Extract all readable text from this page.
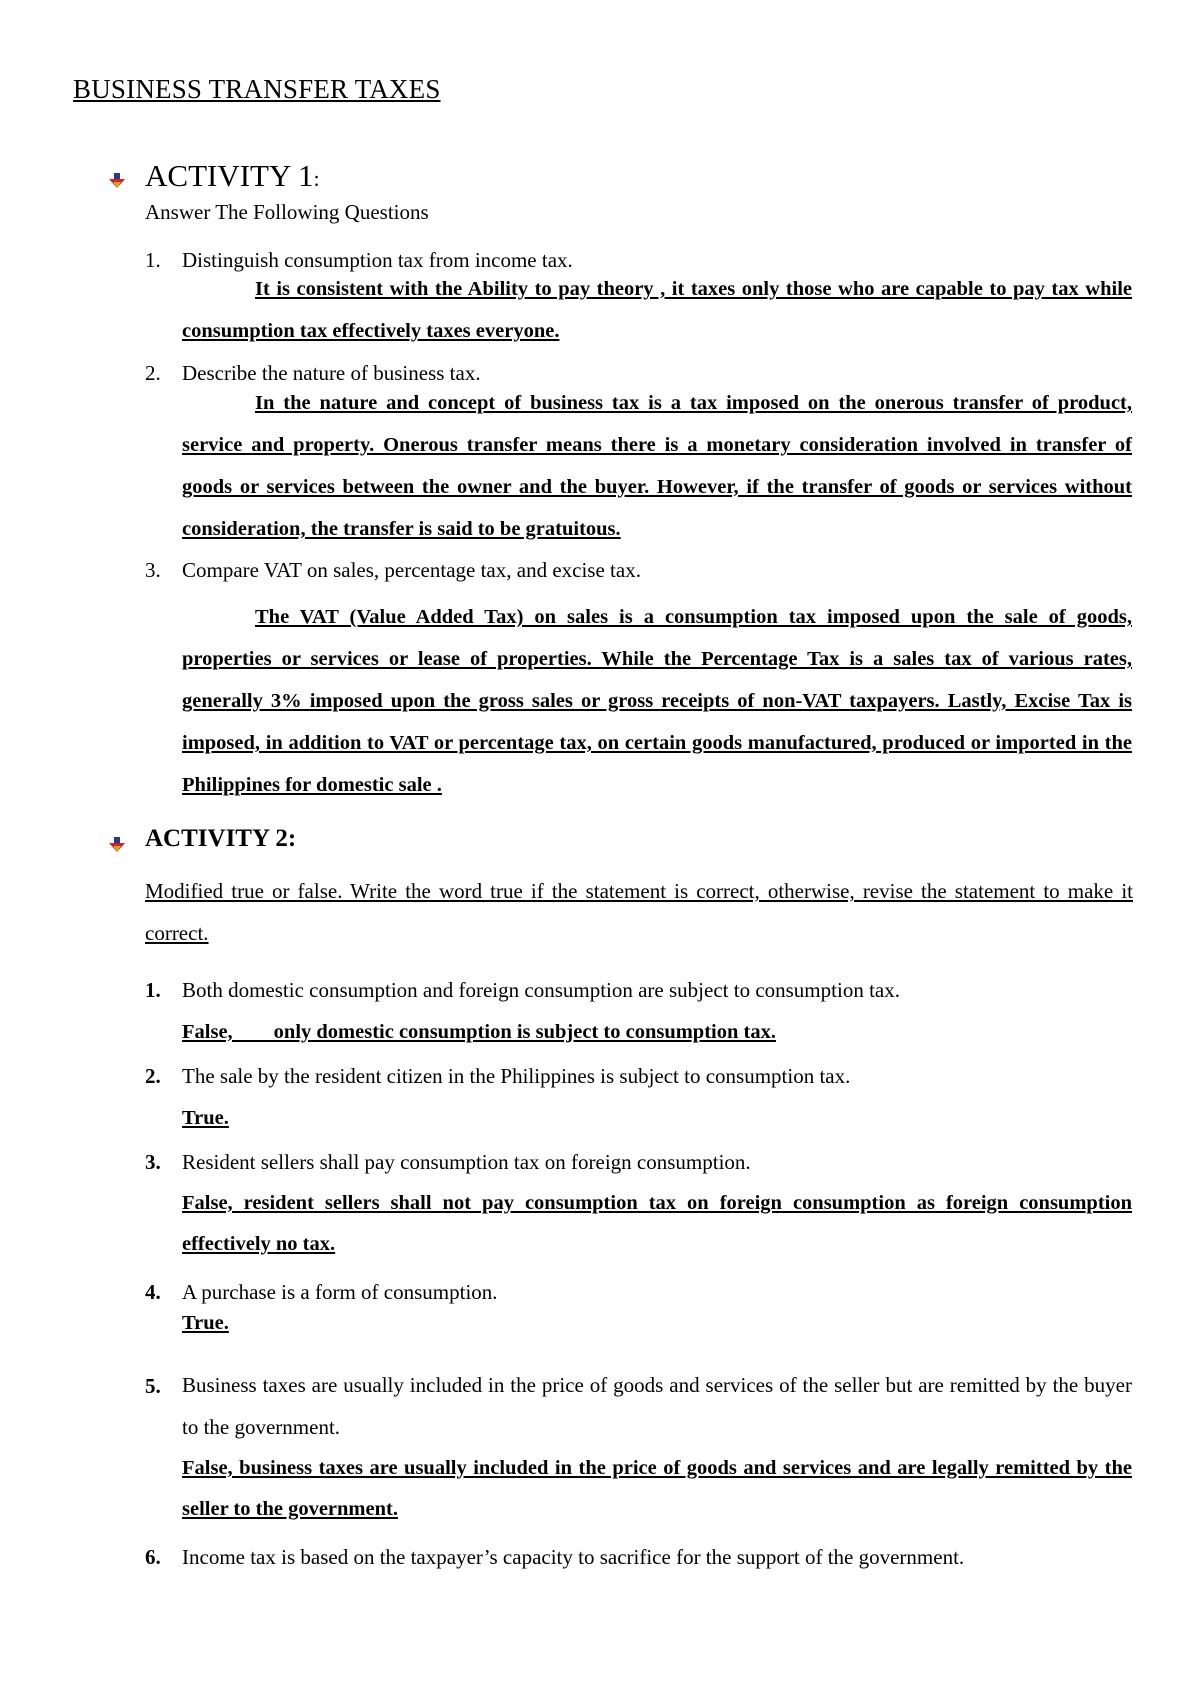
BUSINESS TRANSFER TAXES
ACTIVITY 1:
Answer The Following Questions
1. Distinguish consumption tax from income tax.
It is consistent with the Ability to pay theory , it taxes only those who are capable to pay tax while consumption tax effectively taxes everyone.
2. Describe the nature of business tax.
In the nature and concept of business tax is a tax imposed on the onerous transfer of product, service and property. Onerous transfer means there is a monetary consideration involved in transfer of goods or services between the owner and the buyer. However, if the transfer of goods or services without consideration, the transfer is said to be gratuitous.
3. Compare VAT on sales, percentage tax, and excise tax.
The VAT (Value Added Tax) on sales is a consumption tax imposed upon the sale of goods, properties or services or lease of properties. While the Percentage Tax is a sales tax of various rates, generally 3% imposed upon the gross sales or gross receipts of non-VAT taxpayers. Lastly, Excise Tax is imposed, in addition to VAT or percentage tax, on certain goods manufactured, produced or imported in the Philippines for domestic sale .
ACTIVITY 2:
Modified true or false. Write the word true if the statement is correct, otherwise, revise the statement to make it correct.
1. Both domestic consumption and foreign consumption are subject to consumption tax.
False,        only domestic consumption is subject to consumption tax.
2. The sale by the resident citizen in the Philippines is subject to consumption tax.
True.
3. Resident sellers shall pay consumption tax on foreign consumption.
False, resident sellers shall not pay consumption tax on foreign consumption as foreign consumption effectively no tax.
4. A purchase is a form of consumption.
True.
5. Business taxes are usually included in the price of goods and services of the seller but are remitted by the buyer to the government.
False, business taxes are usually included in the price of goods and services and are legally remitted by the seller to the government.
6. Income tax is based on the taxpayer’s capacity to sacrifice for the support of the government.
